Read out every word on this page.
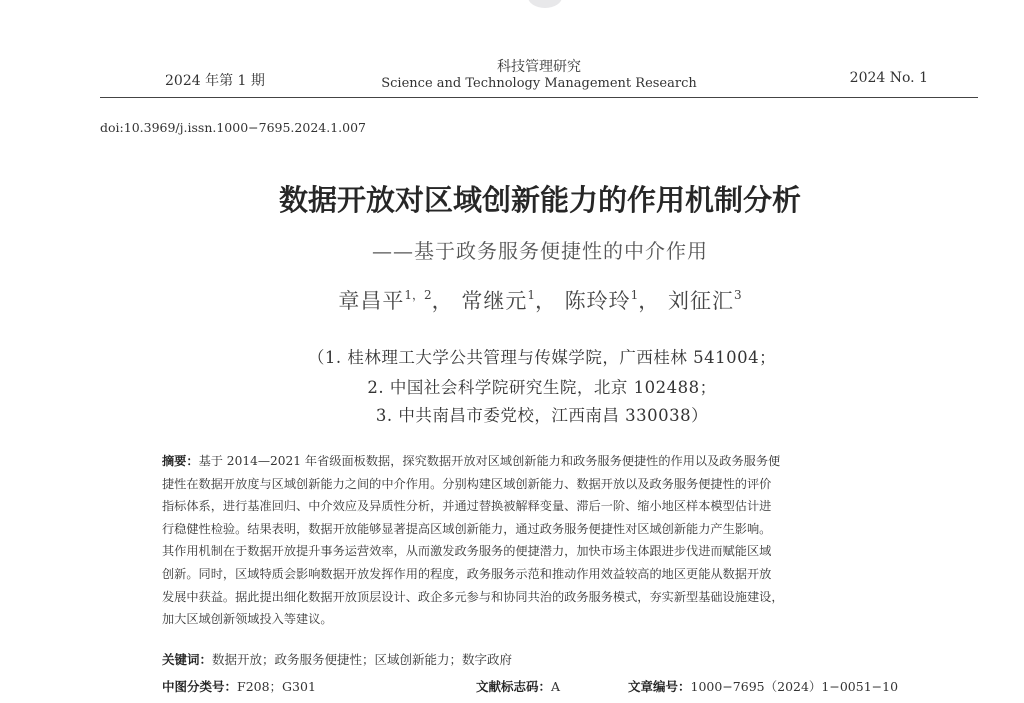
2024 年第 1 期
科技管理研究
Science and Technology Management Research	2024 No. 1
doi:10.3969/j.issn.1000−7695.2024.1.007
数据开放对区域创新能力的作用机制分析
——基于政务服务便捷性的中介作用
章昌平$^{1,2}$， 常继元$^1$， 陈玲玲$^1$， 刘征汇$^3$
（1. 桂林理工大学公共管理与传媒学院，广西桂林 541004；
2. 中国社会科学院研究生院，北京 102488；
3. 中共南昌市委党校，江西南昌 330038）
摘要：基于 2014—2021 年省级面板数据，探究数据开放对区域创新能力和政务服务便捷性的作用以及政务服务便
捷性在数据开放度与区域创新能力之间的中介作用。分别构建区域创新能力、数据开放以及政务服务便捷性的评价
指标体系，进行基准回归、中介效应及异质性分析，并通过替换被解释变量、滞后一阶、缩小地区样本模型估计进
行稳健性检验。结果表明，数据开放能够显著提高区域创新能力，通过政务服务便捷性对区域创新能力产生影响。
其作用机制在于数据开放提升事务运营效率，从而激发政务服务的便捷潜力，加快市场主体跟进步伐进而赋能区域
创新。同时，区域特质会影响数据开放发挥作用的程度，政务服务示范和推动作用效益较高的地区更能从数据开放
发展中获益。据此提出细化数据开放顶层设计、政企多元参与和协同共治的政务服务模式，夯实新型基础设施建设，
加大区域创新领域投入等建议。
关键词：数据开放；政务服务便捷性；区域创新能力；数字政府
中图分类号：F208；G301	文献标志码：A	文章编号：1000−7695（2024）1−0051−10
